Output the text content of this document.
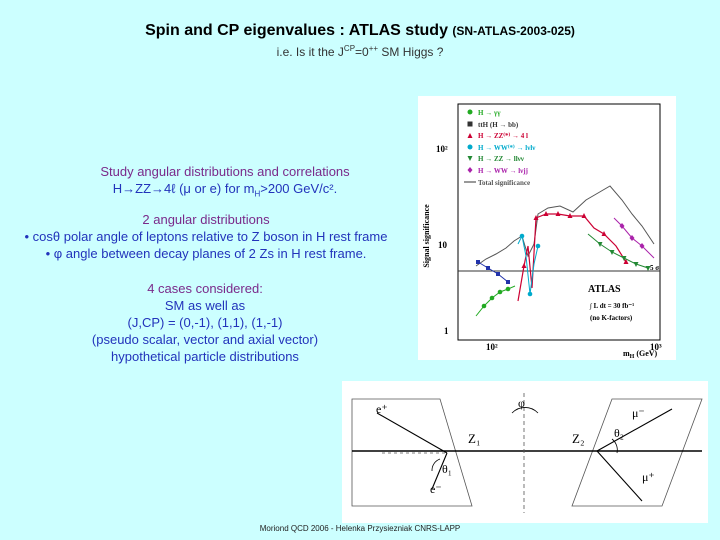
Spin and CP eigenvalues : ATLAS study (SN-ATLAS-2003-025)
i.e. Is it the $J^{CP}=0^{++}$ SM Higgs ?
Study angular distributions and correlations
H→ZZ→4ℓ (μ or e) for $m_H>200$ GeV/c².
2 angular distributions
• cosθ polar angle of leptons relative to Z boson in H rest frame
• φ angle between decay planes of 2 Zs in H rest frame.
4 cases considered:
SM as well as
(J,CP) = (0,-1), (1,1), (1,-1)
(pseudo scalar, vector and axial vector)
hypothetical particle distributions
Signal significance
1
10
10²
10²	10³
$m_H$ (GeV)
H → γγ
ttH (H → bb)
H → ZZ⁽*⁾ → 4 l
H → WW⁽*⁾ → lνlν
H → ZZ → llνν
H → WW → lνjj
Total significance
5 σ
ATLAS
∫ L dt = 30 fb⁻¹
(no K-factors)
e⁺
e⁻
μ⁻
μ⁺
Z₁	Z₂
φ
θ₁
θ₂
Moriond QCD 2006 - Helenka Przysiezniak CNRS-LAPP
